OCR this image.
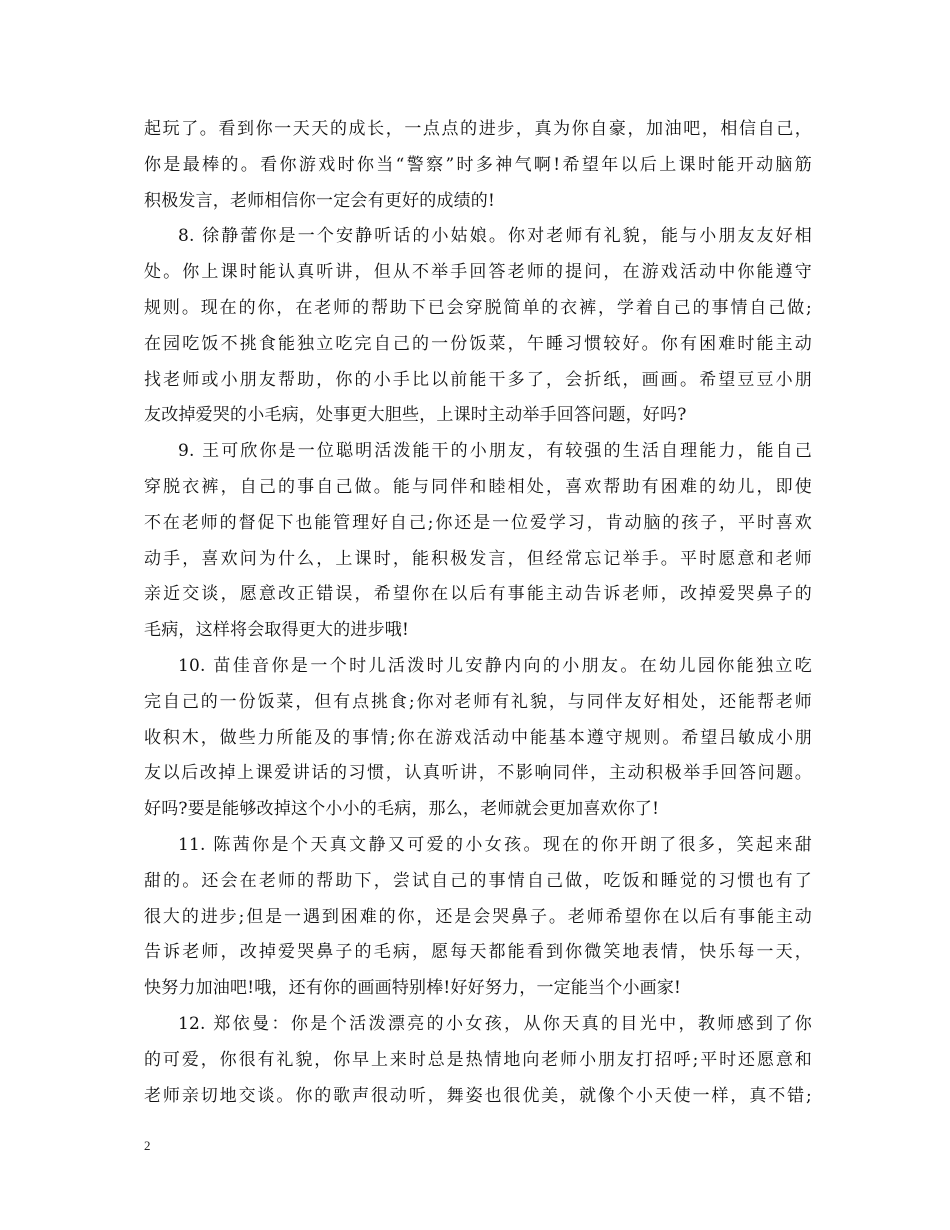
起玩了。看到你一天天的成长，一点点的进步，真为你自豪，加油吧，相信自己，
你是最棒的。看你游戏时你当“警察”时多神气啊!希望年以后上课时能开动脑筋
积极发言，老师相信你一定会有更好的成绩的!
8. 徐静蕾你是一个安静听话的小姑娘。你对老师有礼貌，能与小朋友友好相
处。你上课时能认真听讲，但从不举手回答老师的提问，在游戏活动中你能遵守
规则。现在的你，在老师的帮助下已会穿脱简单的衣裤，学着自己的事情自己做;
在园吃饭不挑食能独立吃完自己的一份饭菜，午睡习惯较好。你有困难时能主动
找老师或小朋友帮助，你的小手比以前能干多了，会折纸，画画。希望豆豆小朋
友改掉爱哭的小毛病，处事更大胆些，上课时主动举手回答问题，好吗?
9. 王可欣你是一位聪明活泼能干的小朋友，有较强的生活自理能力，能自己
穿脱衣裤，自己的事自己做。能与同伴和睦相处，喜欢帮助有困难的幼儿，即使
不在老师的督促下也能管理好自己;你还是一位爱学习，肯动脑的孩子，平时喜欢
动手，喜欢问为什么，上课时，能积极发言，但经常忘记举手。平时愿意和老师
亲近交谈，愿意改正错误，希望你在以后有事能主动告诉老师，改掉爱哭鼻子的
毛病，这样将会取得更大的进步哦!
10. 苗佳音你是一个时儿活泼时儿安静内向的小朋友。在幼儿园你能独立吃
完自己的一份饭菜，但有点挑食;你对老师有礼貌，与同伴友好相处，还能帮老师
收积木，做些力所能及的事情;你在游戏活动中能基本遵守规则。希望吕敏成小朋
友以后改掉上课爱讲话的习惯，认真听讲，不影响同伴，主动积极举手回答问题。
好吗?要是能够改掉这个小小的毛病，那么，老师就会更加喜欢你了!
11. 陈茜你是个天真文静又可爱的小女孩。现在的你开朗了很多，笑起来甜
甜的。还会在老师的帮助下，尝试自己的事情自己做，吃饭和睡觉的习惯也有了
很大的进步;但是一遇到困难的你，还是会哭鼻子。老师希望你在以后有事能主动
告诉老师，改掉爱哭鼻子的毛病，愿每天都能看到你微笑地表情，快乐每一天，
快努力加油吧!哦，还有你的画画特别棒!好好努力，一定能当个小画家!
12. 郑依曼：你是个活泼漂亮的小女孩，从你天真的目光中，教师感到了你
的可爱，你很有礼貌，你早上来时总是热情地向老师小朋友打招呼;平时还愿意和
老师亲切地交谈。你的歌声很动听，舞姿也很优美，就像个小天使一样，真不错;
2
